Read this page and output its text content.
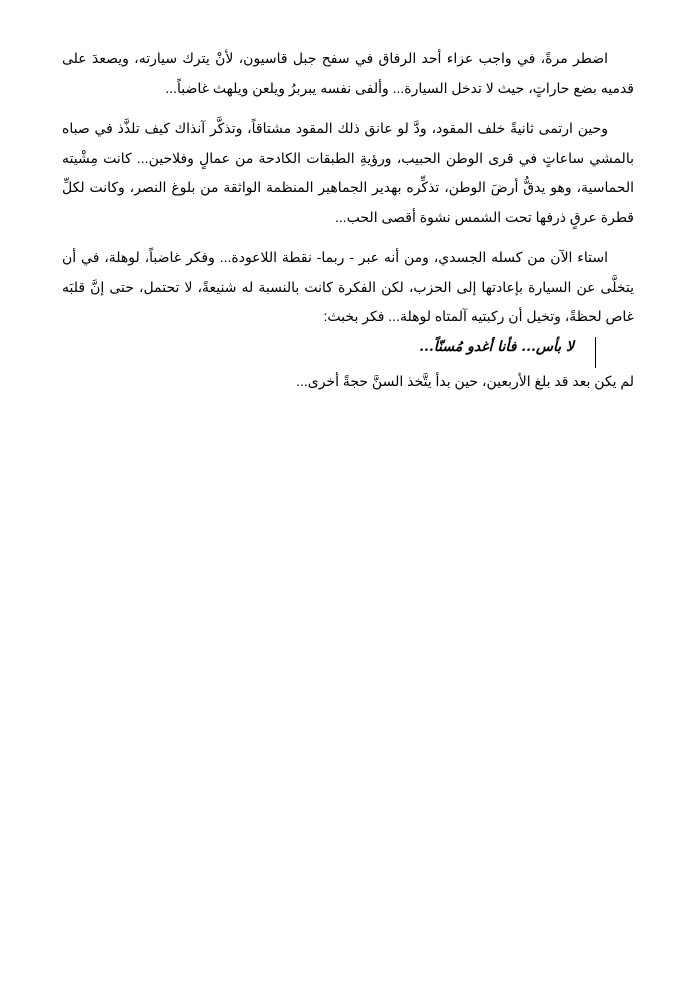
اضطر مرةً، في واجب عزاء أحد الرفاق في سفح جبل قاسيون، لأنْ يترك سيارته، ويصعدَ على قدميه بضع حاراتٍ، حيث لا تدخل السيارة... وألفى نفسه يبربرُ ويلعن ويلهث غاضباً...

وحين ارتمى ثانيةً خلف المقود، ودَّ لو عانق ذلك المقود مشتاقاً، وتذكَّر آنذاك كيف تلذَّذ في صباه بالمشي ساعاتٍ في قرى الوطن الحبيب، ورؤيةِ الطبقات الكادحة من عمالٍ وفلاحين... كانت مِشْيته الحماسية، وهو يدقُّ أرضَ الوطن، تذكِّره بهدير الجماهير المنظمة الواثقة من بلوغ النصر، وكانت لكلِّ قطرة عرقٍ ذرفها تحت الشمس نشوة أقصى الحب...

استاء الآن من كسله الجسدي، ومن أنه عبر - ربما- نقطة اللاعودة... وفكر غاضباً، لوهلة، في أن يتخلَّى عن السيارة بإعادتها إلى الحزب، لكن الفكرة كانت بالنسبة له شنيعةً، لا تحتمل، حتى إنَّ قلبَه غاص لحظةً، وتخيل أن ركبتيه آلمتاه لوهلة... فكر بخبث:

لا بأس... فأنا أغدو مُسنّاً...

لم يكن بعد قد بلغ الأربعين، حين بدأ يتَّخذ السنَّ حجةً أخرى...
